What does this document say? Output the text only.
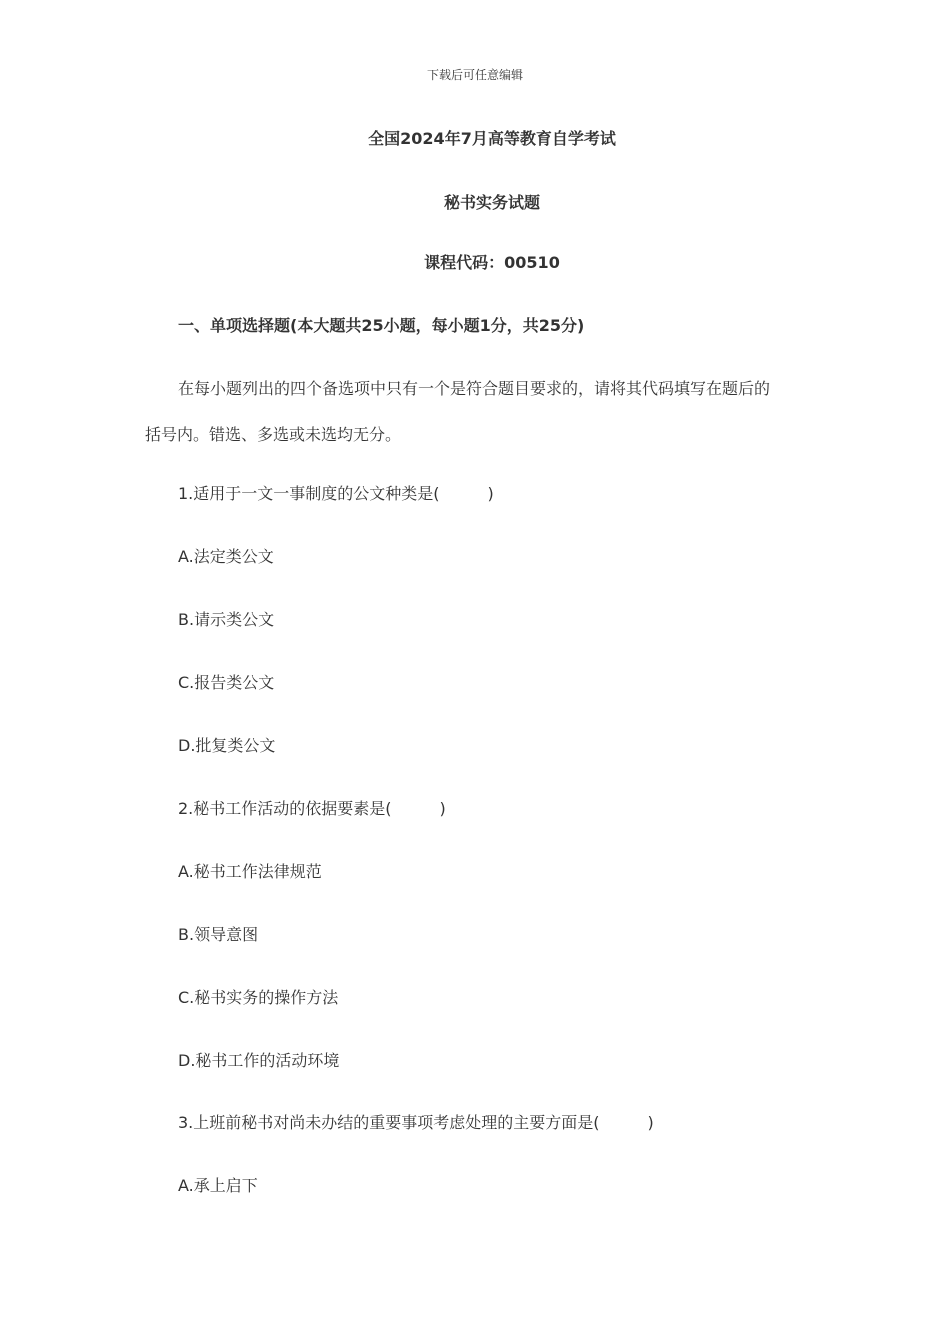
下载后可任意编辑
全国2024年7月高等教育自学考试
秘书实务试题
课程代码：00510
一、单项选择题(本大题共25小题，每小题1分，共25分)
在每小题列出的四个备选项中只有一个是符合题目要求的，请将其代码填写在题后的
括号内。错选、多选或未选均无分。
1.适用于一文一事制度的公文种类是(　　　)
A.法定类公文
B.请示类公文
C.报告类公文
D.批复类公文
2.秘书工作活动的依据要素是(　　　)
A.秘书工作法律规范
B.领导意图
C.秘书实务的操作方法
D.秘书工作的活动环境
3.上班前秘书对尚未办结的重要事项考虑处理的主要方面是(　　　)
A.承上启下
